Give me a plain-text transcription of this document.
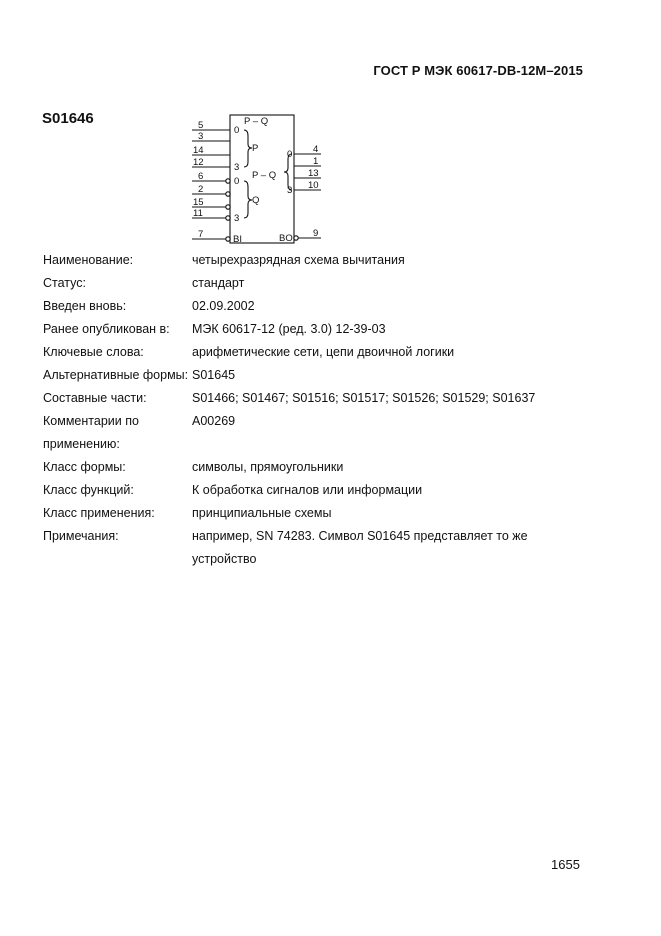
ГОСТ Р МЭК 60617-DB-12M–2015
S01646	P – Q
P
Q
P – Q
0
3
0
3
0
3
BI	BO
5
3
14
12
6
2
15
11
7
4
1
13
10
9
Наименование:	четырехразрядная схема вычитания
Статус:	стандарт
Введен вновь:	02.09.2002
Ранее опубликован в:	МЭК 60617-12 (ред. 3.0) 12-39-03
Ключевые слова:	арифметические сети, цепи двоичной логики
Альтернативные формы:	S01645
Составные части:	S01466; S01467; S01516; S01517; S01526; S01529; S01637
Комментарии по применению:	A00269
Класс формы:	символы, прямоугольники
Класс функций:	К обработка сигналов или информации
Класс применения:	принципиальные схемы
Примечания:	например, SN 74283. Символ S01645 представляет то же устройство
1655
